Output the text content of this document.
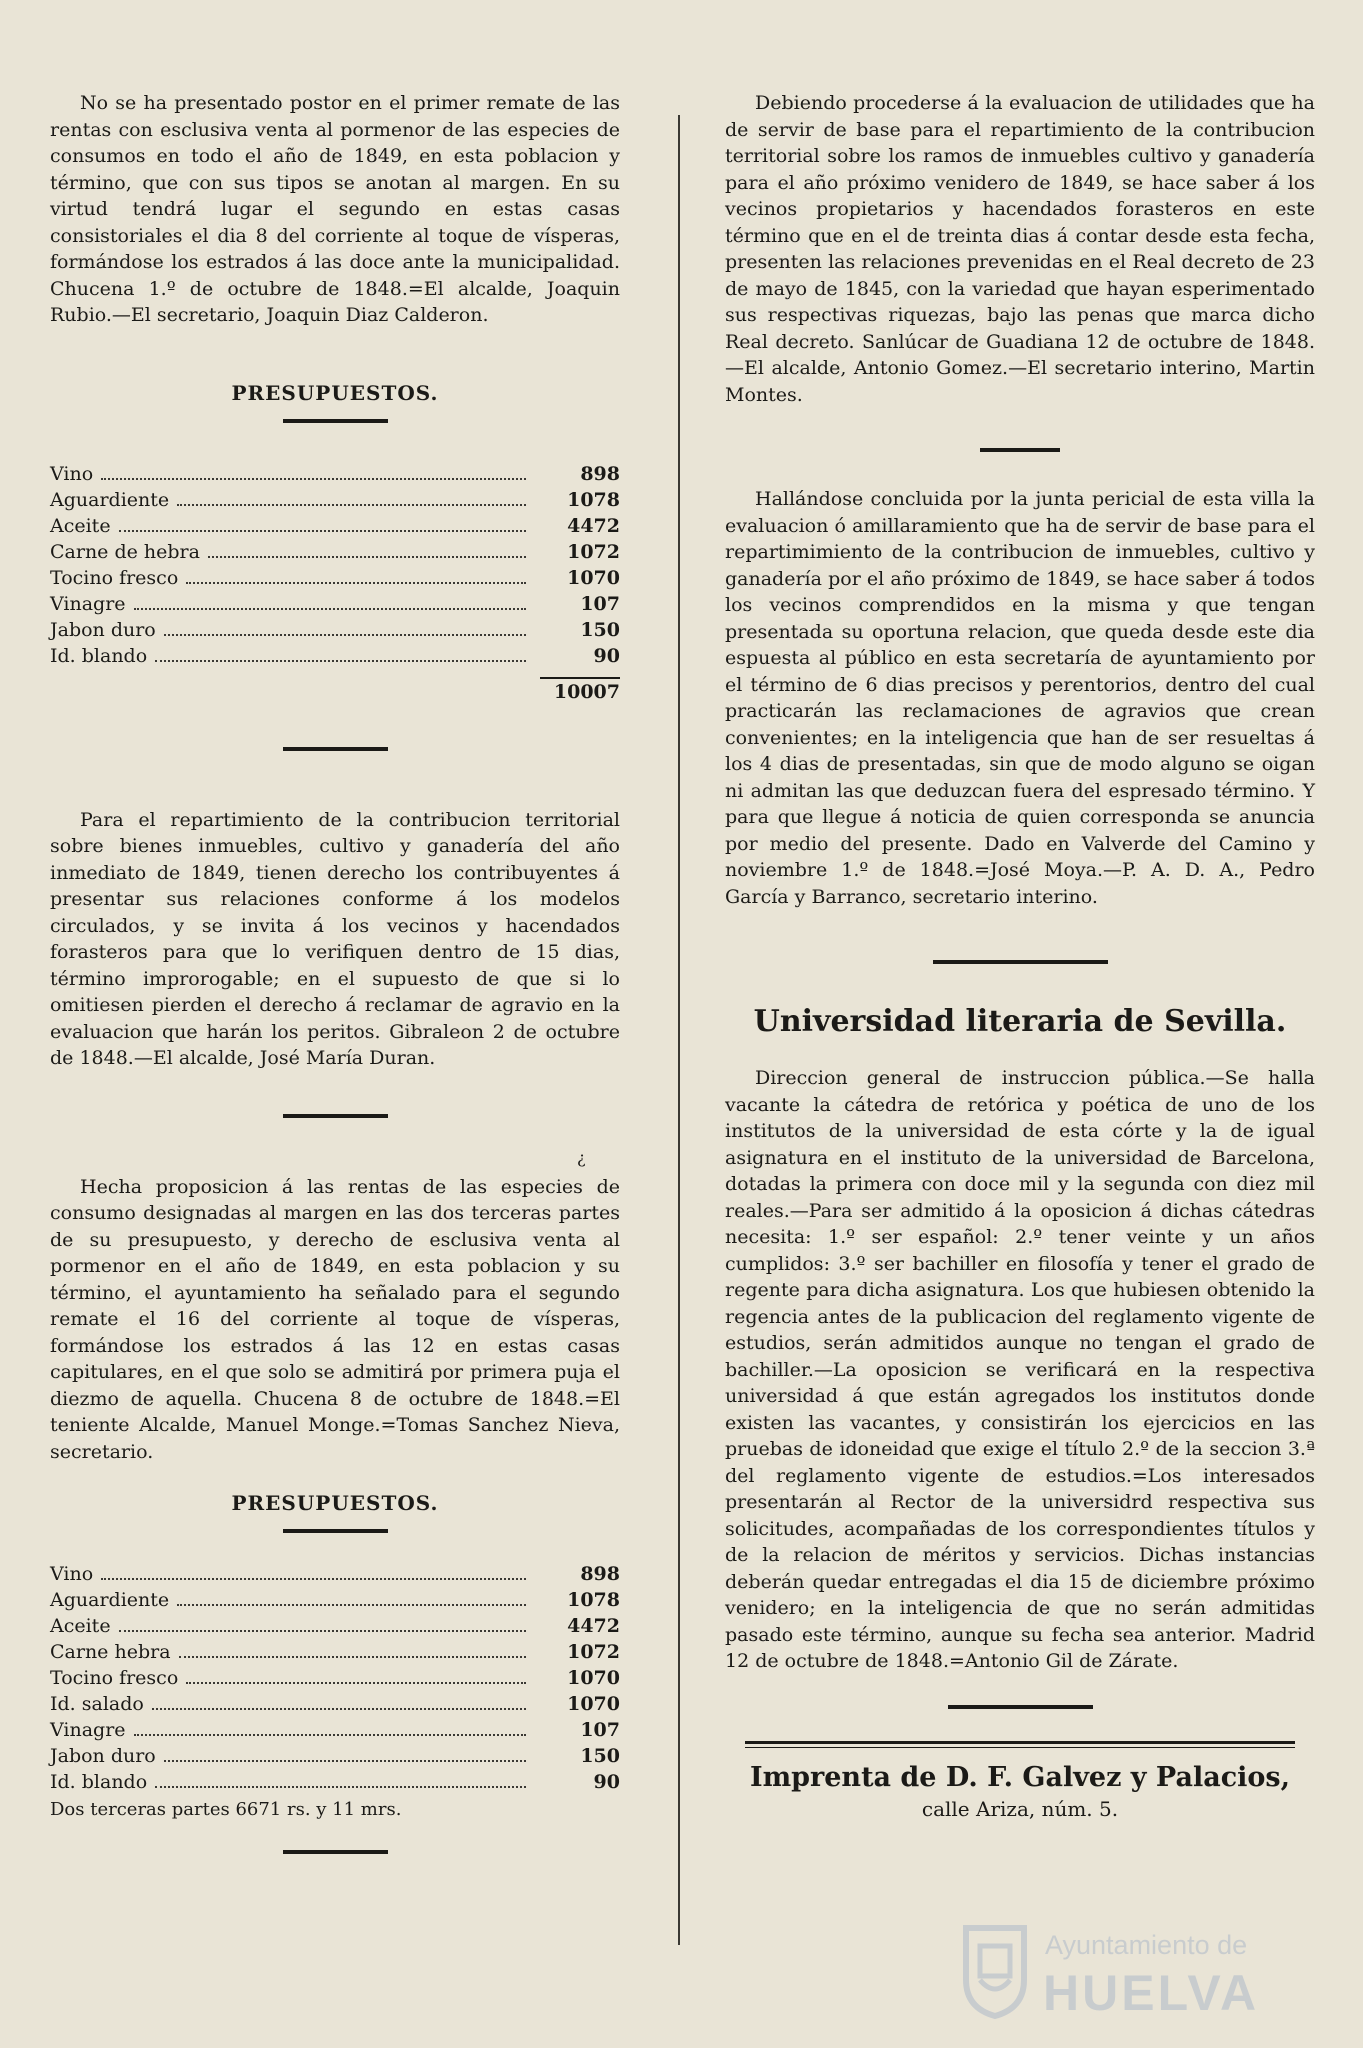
No se ha presentado postor en el primer remate de las rentas con esclusiva venta al pormenor de las especies de consumos en todo el año de 1849, en esta poblacion y término, que con sus tipos se anotan al margen. En su virtud tendrá lugar el segundo en estas casas consistoriales el dia 8 del corriente al toque de vísperas, formándose los estrados á las doce ante la municipalidad. Chucena 1.º de octubre de 1848.=El alcalde, Joaquin Rubio.—El secretario, Joaquin Diaz Calderon.

PRESUPUESTOS.

Vino	898
Aguardiente	1078
Aceite	4472
Carne de hebra	1072
Tocino fresco	1070
Vinagre	107
Jabon duro	150
Id. blando	90
10007

Para el repartimiento de la contribucion territorial sobre bienes inmuebles, cultivo y ganadería del año inmediato de 1849, tienen derecho los contribuyentes á presentar sus relaciones conforme á los modelos circulados, y se invita á los vecinos y hacendados forasteros para que lo verifiquen dentro de 15 dias, término improrogable; en el supuesto de que si lo omitiesen pierden el derecho á reclamar de agravio en la evaluacion que harán los peritos. Gibraleon 2 de octubre de 1848.—El alcalde, José María Duran.

Hecha proposicion á las rentas de las especies de consumo designadas al margen en las dos terceras partes de su presupuesto, y derecho de esclusiva venta al pormenor en el año de 1849, en esta poblacion y su término, el ayuntamiento ha señalado para el segundo remate el 16 del corriente al toque de vísperas, formándose los estrados á las 12 en estas casas capitulares, en el que solo se admitirá por primera puja el diezmo de aquella. Chucena 8 de octubre de 1848.=El teniente Alcalde, Manuel Monge.=Tomas Sanchez Nieva, secretario.

PRESUPUESTOS.

Vino	898
Aguardiente	1078
Aceite	4472
Carne hebra	1072
Tocino fresco	1070
Id. salado	1070
Vinagre	107
Jabon duro	150
Id. blando	90
Dos terceras partes 6671 rs. y 11 mrs.
¿

Debiendo procederse á la evaluacion de utilidades que ha de servir de base para el repartimiento de la contribucion territorial sobre los ramos de inmuebles cultivo y ganadería para el año próximo venidero de 1849, se hace saber á los vecinos propietarios y hacendados forasteros en este término que en el de treinta dias á contar desde esta fecha, presenten las relaciones prevenidas en el Real decreto de 23 de mayo de 1845, con la variedad que hayan esperimentado sus respectivas riquezas, bajo las penas que marca dicho Real decreto. Sanlúcar de Guadiana 12 de octubre de 1848.—El alcalde, Antonio Gomez.—El secretario interino, Martin Montes.

Hallándose concluida por la junta pericial de esta villa la evaluacion ó amillaramiento que ha de servir de base para el repartimimiento de la contribucion de inmuebles, cultivo y ganadería por el año próximo de 1849, se hace saber á todos los vecinos comprendidos en la misma y que tengan presentada su oportuna relacion, que queda desde este dia espuesta al público en esta secretaría de ayuntamiento por el término de 6 dias precisos y perentorios, dentro del cual practicarán las reclamaciones de agravios que crean convenientes; en la inteligencia que han de ser resueltas á los 4 dias de presentadas, sin que de modo alguno se oigan ni admitan las que deduzcan fuera del espresado término. Y para que llegue á noticia de quien corresponda se anuncia por medio del presente. Dado en Valverde del Camino y noviembre 1.º de 1848.=José Moya.—P. A. D. A., Pedro García y Barranco, secretario interino.

Universidad literaria de Sevilla.

Direccion general de instruccion pública.—Se halla vacante la cátedra de retórica y poética de uno de los institutos de la universidad de esta córte y la de igual asignatura en el instituto de la universidad de Barcelona, dotadas la primera con doce mil y la segunda con diez mil reales.—Para ser admitido á la oposicion á dichas cátedras necesita: 1.º ser español: 2.º tener veinte y un años cumplidos: 3.º ser bachiller en filosofía y tener el grado de regente para dicha asignatura. Los que hubiesen obtenido la regencia antes de la publicacion del reglamento vigente de estudios, serán admitidos aunque no tengan el grado de bachiller.—La oposicion se verificará en la respectiva universidad á que están agregados los institutos donde existen las vacantes, y consistirán los ejercicios en las pruebas de idoneidad que exige el título 2.º de la seccion 3.ª del reglamento vigente de estudios.=Los interesados presentarán al Rector de la universidrd respectiva sus solicitudes, acompañadas de los correspondientes títulos y de la relacion de méritos y servicios. Dichas instancias deberán quedar entregadas el dia 15 de diciembre próximo venidero; en la inteligencia de que no serán admitidas pasado este término, aunque su fecha sea anterior. Madrid 12 de octubre de 1848.=Antonio Gil de Zárate.

Imprenta de D. F. Galvez y Palacios,

calle Ariza, núm. 5.

Ayuntamiento de
HUELVA
